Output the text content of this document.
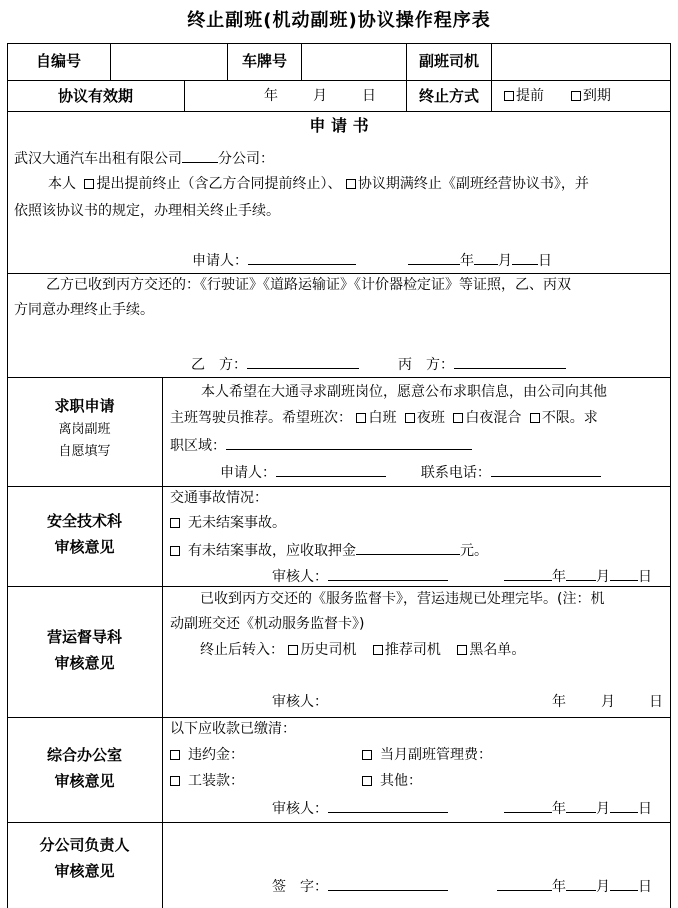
终止副班(机动副班)协议操作程序表
自编号	车牌号	副班司机
协议有效期	年	月	日	终止方式	提前	到期
申 请 书
武汉大通汽车出租有限公司	分公司：
本人 提出提前终止（含乙方合同提前终止）、 协议期满终止《副班经营协议书》，并
依照该协议书的规定，办理相关终止手续。
申请人：	年 月 日
乙方已收到丙方交还的：《行驶证》《道路运输证》《计价器检定证》等证照，乙、丙双
方同意办理终止手续。
乙　方：	丙　方：
求职申请
离岗副班
自愿填写
本人希望在大通寻求副班岗位，愿意公布求职信息，由公司向其他
主班驾驶员推荐。希望班次： 白班 夜班 白夜混合 不限。求
职区域：
申请人：	联系电话：
安全技术科
审核意见
交通事故情况：
无未结案事故。
有未结案事故，应收取押金	元。
审核人：	年 月 日
营运督导科
审核意见
已收到丙方交还的《服务监督卡》，营运违规已处理完毕。(注：机
动副班交还《机动服务监督卡》)
终止后转入： 历史司机 推荐司机 黑名单。
审核人：	年	月 日
综合办公室
审核意见
以下应收款已缴清：
违约金：	当月副班管理费：
工装款：	其他：
审核人：	年 月 日
分公司负责人
审核意见
签　字：	年 月 日
